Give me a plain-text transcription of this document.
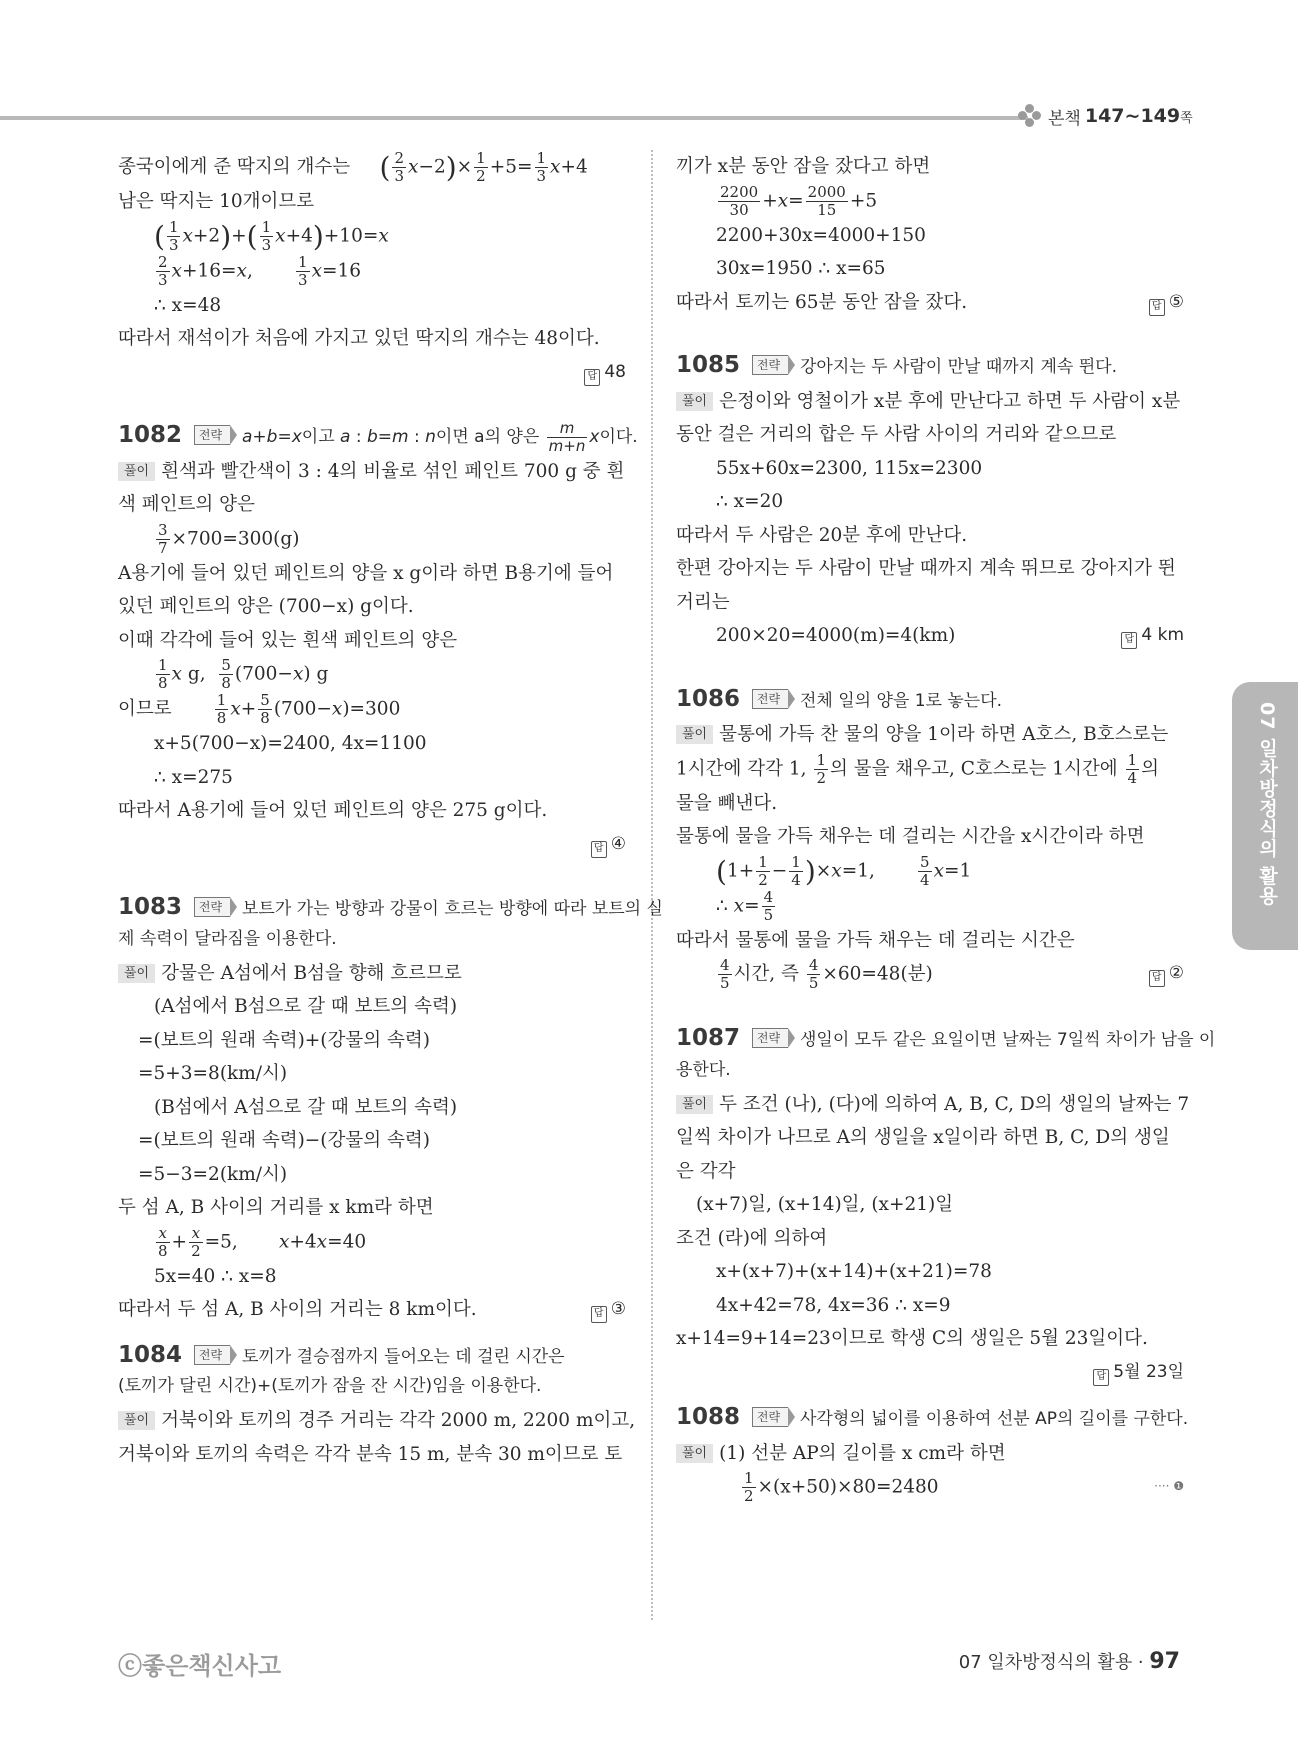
본책 147~149 쪽
종국이에게 준 딱지의 개수는 ( $\frac{2}{3} x-2)\times \frac{1}{2} +5= \frac{1}{3} x+4$
남은 딱지는 10개이므로
( $\frac{1}{3} x+2)+( \frac{1}{3} x+4)+10=x$
$\frac{2}{3} x+16=x$, $\frac{1}{3} x=16$
∴ x=48
따라서 재석이가 처음에 가지고 있던 딱지의 개수는 48이다.
답 48
1082 전략 a+b=x이고 a : b=m : n이면 a의 양은 $\frac{m}{m+n}$ x이다.
풀이 흰색과 빨간색이 3 : 4의 비율로 섞인 페인트 700 g 중 흰
색 페인트의 양은
$\frac{3}{7} \times 700=300(g)$
A용기에 들어 있던 페인트의 양을 x g이라 하면 B용기에 들어
있던 페인트의 양은 (700−x) g이다.
이때 각각에 들어 있는 흰색 페인트의 양은
$\frac{1}{8}$ x g, $\frac{5}{8} (700-x)$ g
이므로	$\frac{1}{8} x+ \frac{5}{8} (700-x)=300$
x+5(700−x)=2400, 4x=1100
∴ x=275
따라서 A용기에 들어 있던 페인트의 양은 275 g이다.
답 ④
1083 전략 보트가 가는 방향과 강물이 흐르는 방향에 따라 보트의 실
제 속력이 달라짐을 이용한다.
풀이 강물은 A섬에서 B섬을 향해 흐르므로
(A섬에서 B섬으로 갈 때 보트의 속력)
=(보트의 원래 속력)+(강물의 속력)
=5+3=8(km/시)
(B섬에서 A섬으로 갈 때 보트의 속력)
=(보트의 원래 속력)−(강물의 속력)
=5−3=2(km/시)
두 섬 A, B 사이의 거리를 x km라 하면
$\frac{x}{8} + \frac{x}{2} =5$,       x+4x=40
5x=40 ∴ x=8
따라서 두 섬 A, B 사이의 거리는 8 km이다.	답 ③
1084 전략 토끼가 결승점까지 들어오는 데 걸린 시간은
(토끼가 달린 시간)+(토끼가 잠을 잔 시간)임을 이용한다.
풀이 거북이와 토끼의 경주 거리는 각각 2000 m, 2200 m이고,
거북이와 토끼의 속력은 각각 분속 15 m, 분속 30 m이므로 토
끼가 x분 동안 잠을 잤다고 하면
$\frac{2200}{30} +x= \frac{2000}{15} +5$
2200+30x=4000+150
30x=1950 ∴ x=65
따라서 토끼는 65분 동안 잠을 잤다.	답 ⑤
1085 전략 강아지는 두 사람이 만날 때까지 계속 뛴다.
풀이 은정이와 영철이가 x분 후에 만난다고 하면 두 사람이 x분
동안 걸은 거리의 합은 두 사람 사이의 거리와 같으므로
55x+60x=2300, 115x=2300
∴ x=20
따라서 두 사람은 20분 후에 만난다.
한편 강아지는 두 사람이 만날 때까지 계속 뛰므로 강아지가 뛴
거리는
200×20=4000(m)=4(km)	답 4 km
1086 전략 전체 일의 양을 1로 놓는다.
풀이 물통에 가득 찬 물의 양을 1이라 하면 A호스, B호스로는
1시간에 각각 1, $\frac{1}{2}$ 의 물을 채우고, C호스로는 1시간에 $\frac{1}{4}$ 의
물을 빼낸다.
물통에 물을 가득 채우는 데 걸리는 시간을 x시간이라 하면
$(1+ \frac{1}{2} - \frac{1}{4} )\times x=1$, $\frac{5}{4} x=1$
∴ $x= \frac{4}{5}$
따라서 물통에 물을 가득 채우는 데 걸리는 시간은
$\frac{4}{5}$ 시간, 즉 $\frac{4}{5} \times 60=48$(분)	답 ②
1087 전략 생일이 모두 같은 요일이면 날짜는 7일씩 차이가 남을 이
용한다.
풀이 두 조건 (나), (다)에 의하여 A, B, C, D의 생일의 날짜는 7
일씩 차이가 나므로 A의 생일을 x일이라 하면 B, C, D의 생일
은 각각
(x+7)일, (x+14)일, (x+21)일
조건 (라)에 의하여
x+(x+7)+(x+14)+(x+21)=78
4x+42=78, 4x=36 ∴ x=9
x+14=9+14=23이므로 학생 C의 생일은 5월 23일이다.
답 5월 23일
1088 전략 사각형의 넓이를 이용하여 선분 AP의 길이를 구한다.
풀이 (1) 선분 AP의 길이를 x cm라 하면
$\frac{1}{2} \times(x+50)\times 80=2480$	···· ❶
07 일차방정식의 활용
ⓒ좋은책신사고	07 일차방정식의 활용 · 97
